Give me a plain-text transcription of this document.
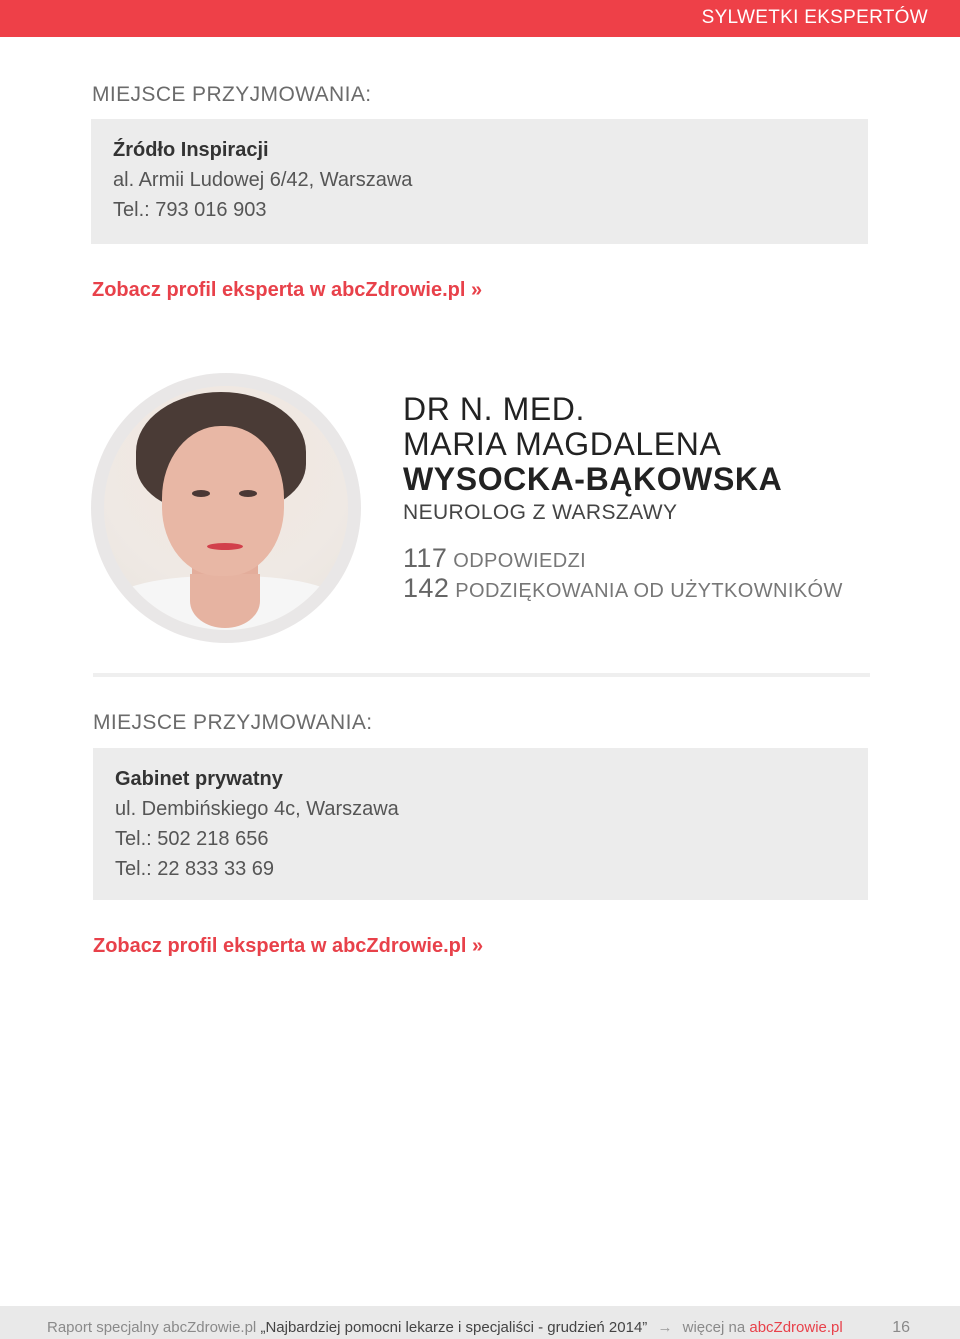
SYLWETKI EKSPERTÓW
MIEJSCE PRZYJMOWANIA:
Źródło Inspiracji
al. Armii Ludowej 6/42, Warszawa
Tel.: 793 016 903
Zobacz profil eksperta w abcZdrowie.pl »
DR N. MED.
MARIA MAGDALENA
WYSOCKA-BĄKOWSKA
NEUROLOG Z WARSZAWY
117 ODPOWIEDZI
142 PODZIĘKOWANIA OD UŻYTKOWNIKÓW
MIEJSCE PRZYJMOWANIA:
Gabinet prywatny
ul. Dembińskiego 4c, Warszawa
Tel.: 502 218 656
Tel.: 22 833 33 69
Zobacz profil eksperta w abcZdrowie.pl »
Raport specjalny abcZdrowie.pl „Najbardziej pomocni lekarze i specjaliści - grudzień 2014” → więcej na abcZdrowie.pl	16
